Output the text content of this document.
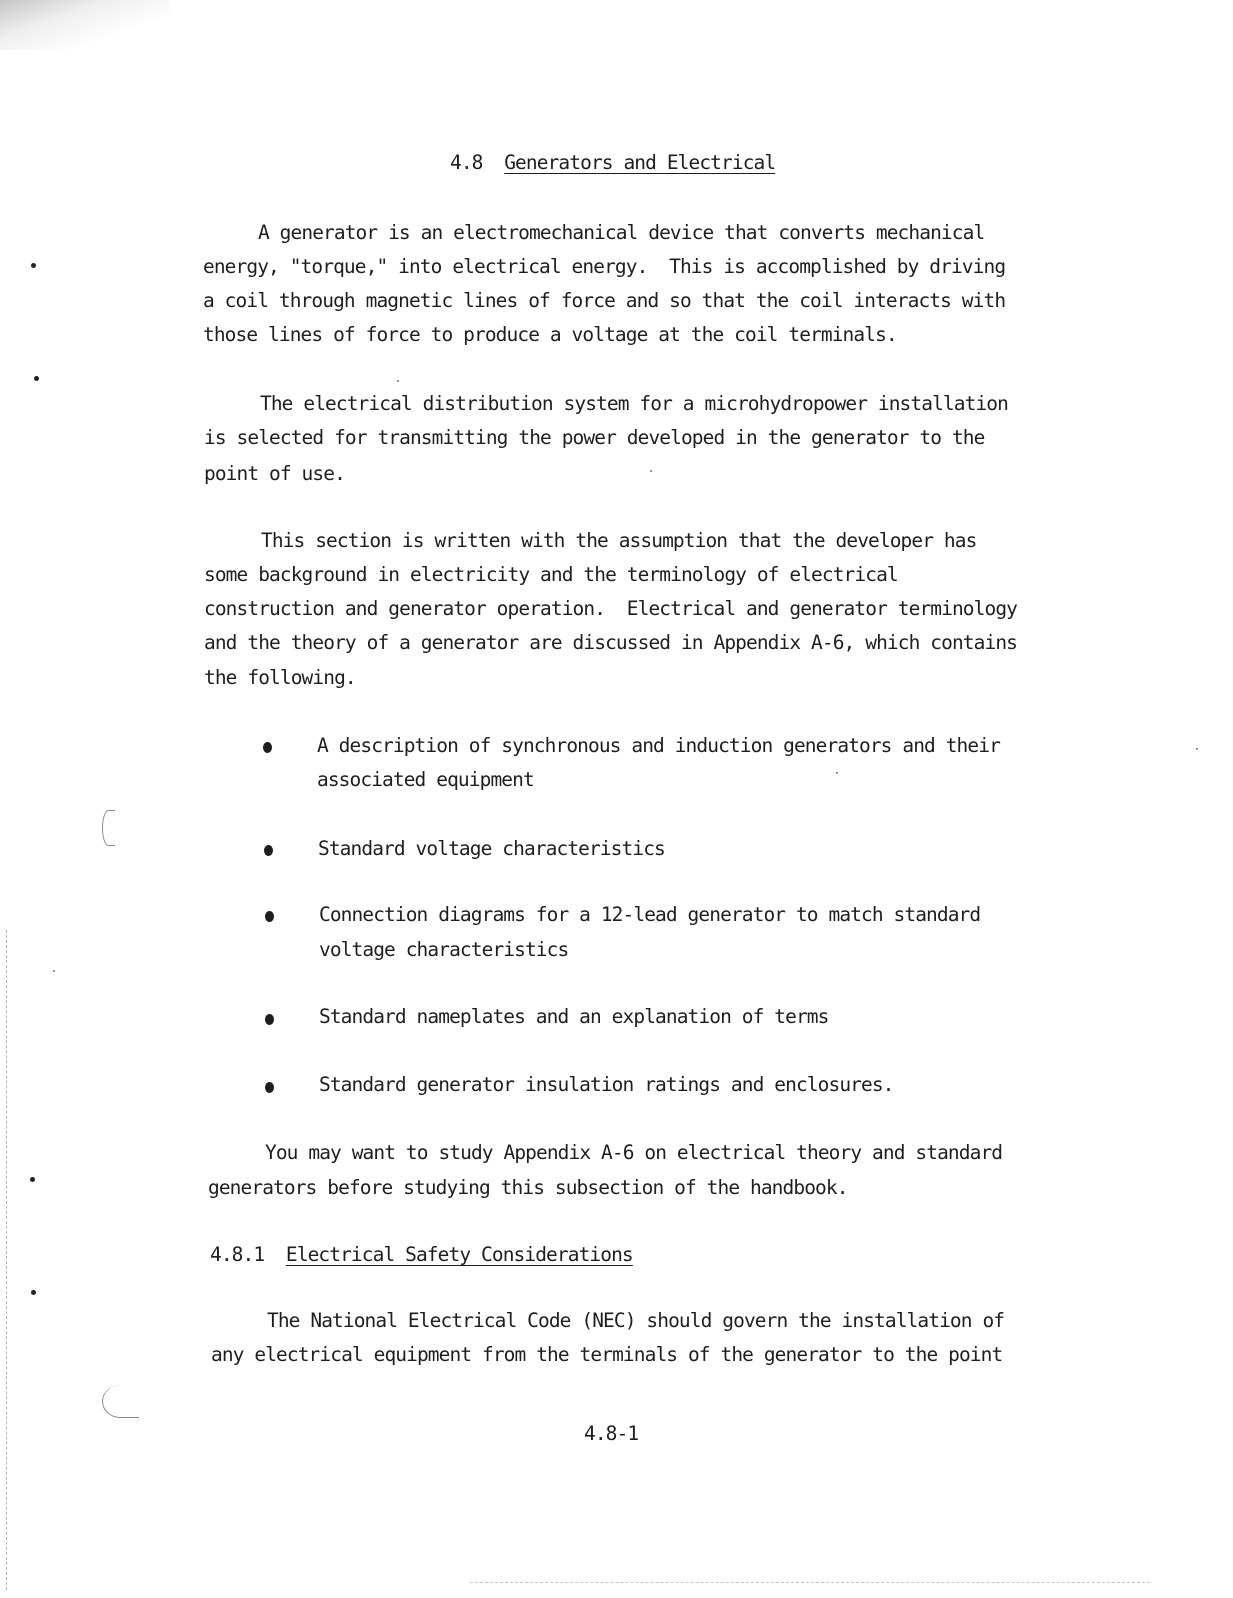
4.8 Generators and Electrical
A generator is an electromechanical device that converts mechanical
energy, "torque," into electrical energy.  This is accomplished by driving
a coil through magnetic lines of force and so that the coil interacts with
those lines of force to produce a voltage at the coil terminals.
The electrical distribution system for a microhydropower installation
is selected for transmitting the power developed in the generator to the
point of use.
This section is written with the assumption that the developer has
some background in electricity and the terminology of electrical
construction and generator operation.  Electrical and generator terminology
and the theory of a generator are discussed in Appendix A-6, which contains
the following.
A description of synchronous and induction generators and their
associated equipment
Standard voltage characteristics
Connection diagrams for a 12-lead generator to match standard
voltage characteristics
Standard nameplates and an explanation of terms
Standard generator insulation ratings and enclosures.
You may want to study Appendix A-6 on electrical theory and standard
generators before studying this subsection of the handbook.
4.8.1 Electrical Safety Considerations
The National Electrical Code (NEC) should govern the installation of
any electrical equipment from the terminals of the generator to the point
4.8-1
